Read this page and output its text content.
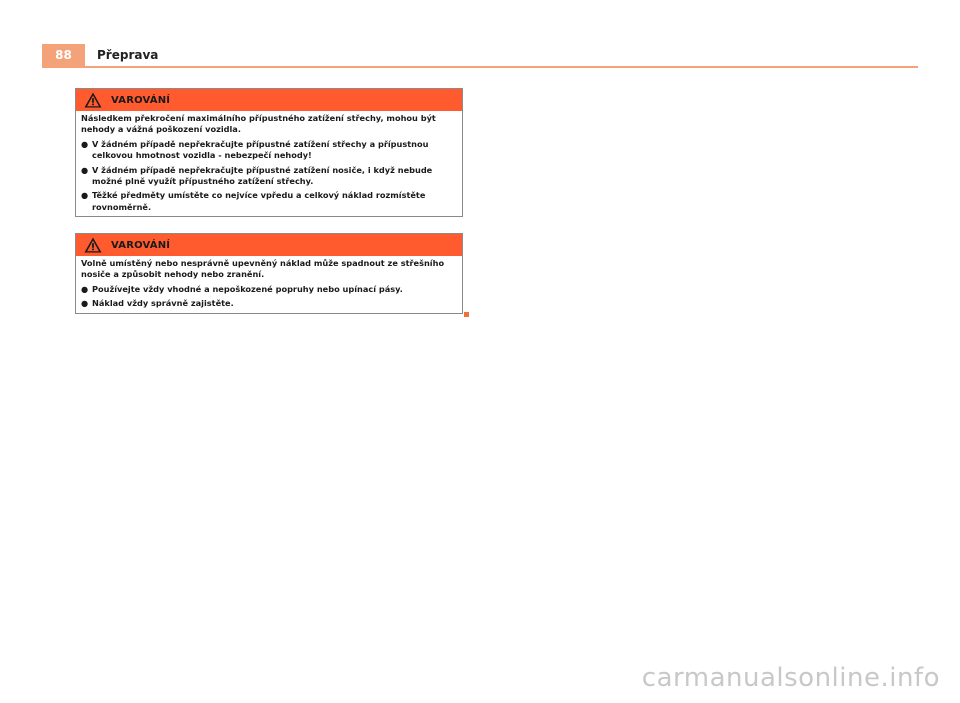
88	Přeprava
VAROVÁNÍ

Následkem překročení maximálního přípustného zatížení střechy, mohou být nehody a vážná poškození vozidla.

● V žádném případě nepřekračujte přípustné zatížení střechy a přípustnou celkovou hmotnost vozidla - nebezpečí nehody!
● V žádném případě nepřekračujte přípustné zatížení nosiče, i když nebude možné plně využít přípustného zatížení střechy.
● Těžké předměty umístěte co nejvíce vpředu a celkový náklad rozmístěte rovnoměrně.
VAROVÁNÍ

Volně umístěný nebo nesprávně upevněný náklad může spadnout ze střešního nosiče a způsobit nehody nebo zranění.

● Používejte vždy vhodné a nepoškozené popruhy nebo upínací pásy.
● Náklad vždy správně zajistěte.
carmanualsonline.info
